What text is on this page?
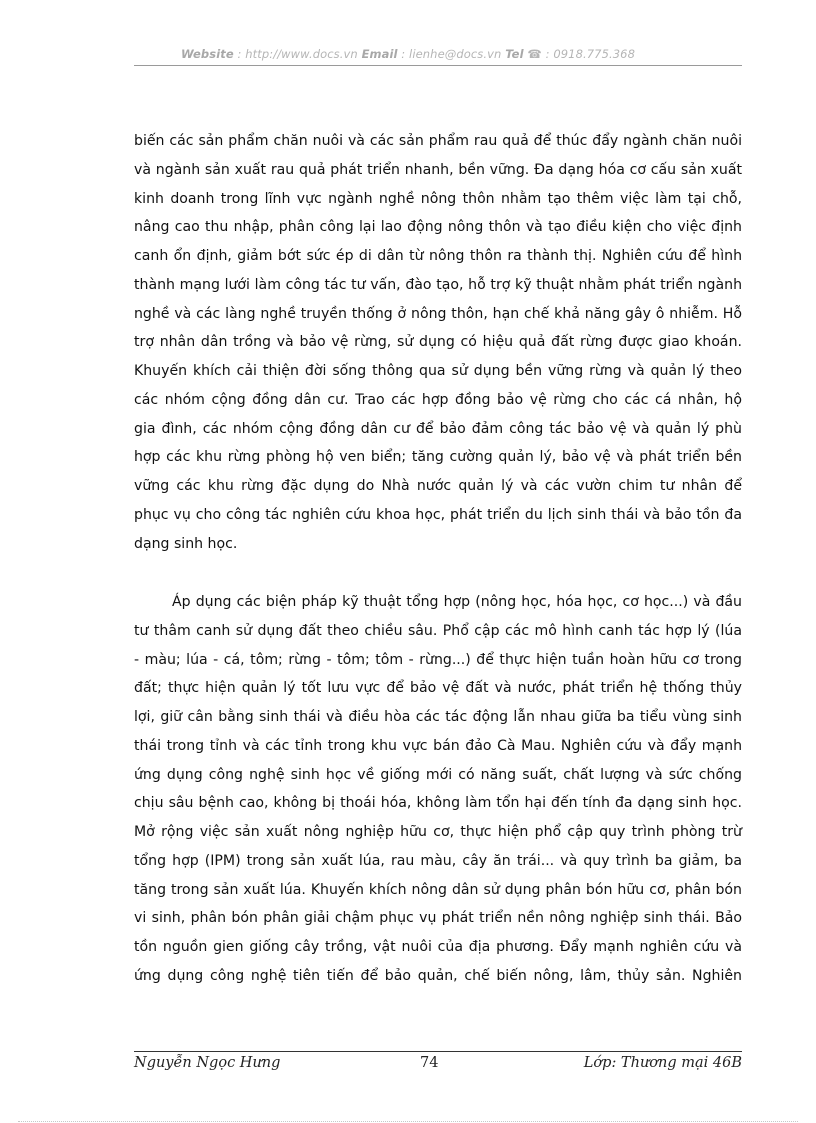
Website : http://www.docs.vn Email : lienhe@docs.vn Tel ☎ : 0918.775.368
biến các sản phẩm chăn nuôi và các sản phẩm rau quả để thúc đẩy ngành chăn nuôi
và ngành sản xuất rau quả phát triển nhanh, bền vững. Đa dạng hóa cơ cấu sản xuất
kinh doanh trong lĩnh vực ngành nghề nông thôn nhằm tạo thêm việc làm tại chỗ,
nâng cao thu nhập, phân công lại lao động nông thôn và tạo điều kiện cho việc định
canh ổn định, giảm bớt sức ép di dân từ nông thôn ra thành thị. Nghiên cứu để hình
thành mạng lưới làm công tác tư vấn, đào tạo, hỗ trợ kỹ thuật nhằm phát triển ngành
nghề và các làng nghề truyền thống ở nông thôn, hạn chế khả năng gây ô nhiễm. Hỗ
trợ nhân dân trồng và bảo vệ rừng, sử dụng có hiệu quả đất rừng được giao khoán.
Khuyến khích cải thiện đời sống thông qua sử dụng bền vững rừng và quản lý theo
các nhóm cộng đồng dân cư. Trao các hợp đồng bảo vệ rừng cho các cá nhân, hộ
gia đình, các nhóm cộng đồng dân cư để bảo đảm công tác bảo vệ và quản lý phù
hợp các khu rừng phòng hộ ven biển; tăng cường quản lý, bảo vệ và phát triển bền
vững các khu rừng đặc dụng do Nhà nước quản lý và các vườn chim tư nhân để
phục vụ cho công tác nghiên cứu khoa học, phát triển du lịch sinh thái và bảo tồn đa
dạng sinh học.
Áp dụng các biện pháp kỹ thuật tổng hợp (nông học, hóa học, cơ học...) và đầu
tư thâm canh sử dụng đất theo chiều sâu. Phổ cập các mô hình canh tác hợp lý (lúa
- màu; lúa - cá, tôm; rừng - tôm; tôm - rừng...) để thực hiện tuần hoàn hữu cơ trong
đất; thực hiện quản lý tốt lưu vực để bảo vệ đất và nước, phát triển hệ thống thủy
lợi, giữ cân bằng sinh thái và điều hòa các tác động lẫn nhau giữa ba tiểu vùng sinh
thái trong tỉnh và các tỉnh trong khu vực bán đảo Cà Mau. Nghiên cứu và đẩy mạnh
ứng dụng công nghệ sinh học về giống mới có năng suất, chất lượng và sức chống
chịu sâu bệnh cao, không bị thoái hóa, không làm tổn hại đến tính đa dạng sinh học.
Mở rộng việc sản xuất nông nghiệp hữu cơ, thực hiện phổ cập quy trình phòng trừ
tổng hợp (IPM) trong sản xuất lúa, rau màu, cây ăn trái... và quy trình ba giảm, ba
tăng trong sản xuất lúa. Khuyến khích nông dân sử dụng phân bón hữu cơ, phân bón
vi sinh, phân bón phân giải chậm phục vụ phát triển nền nông nghiệp sinh thái. Bảo
tồn nguồn gien giống cây trồng, vật nuôi của địa phương. Đẩy mạnh nghiên cứu và
ứng dụng công nghệ tiên tiến để bảo quản, chế biến nông, lâm, thủy sản. Nghiên
Nguyễn Ngọc Hưng	74	Lớp: Thương mại 46B
